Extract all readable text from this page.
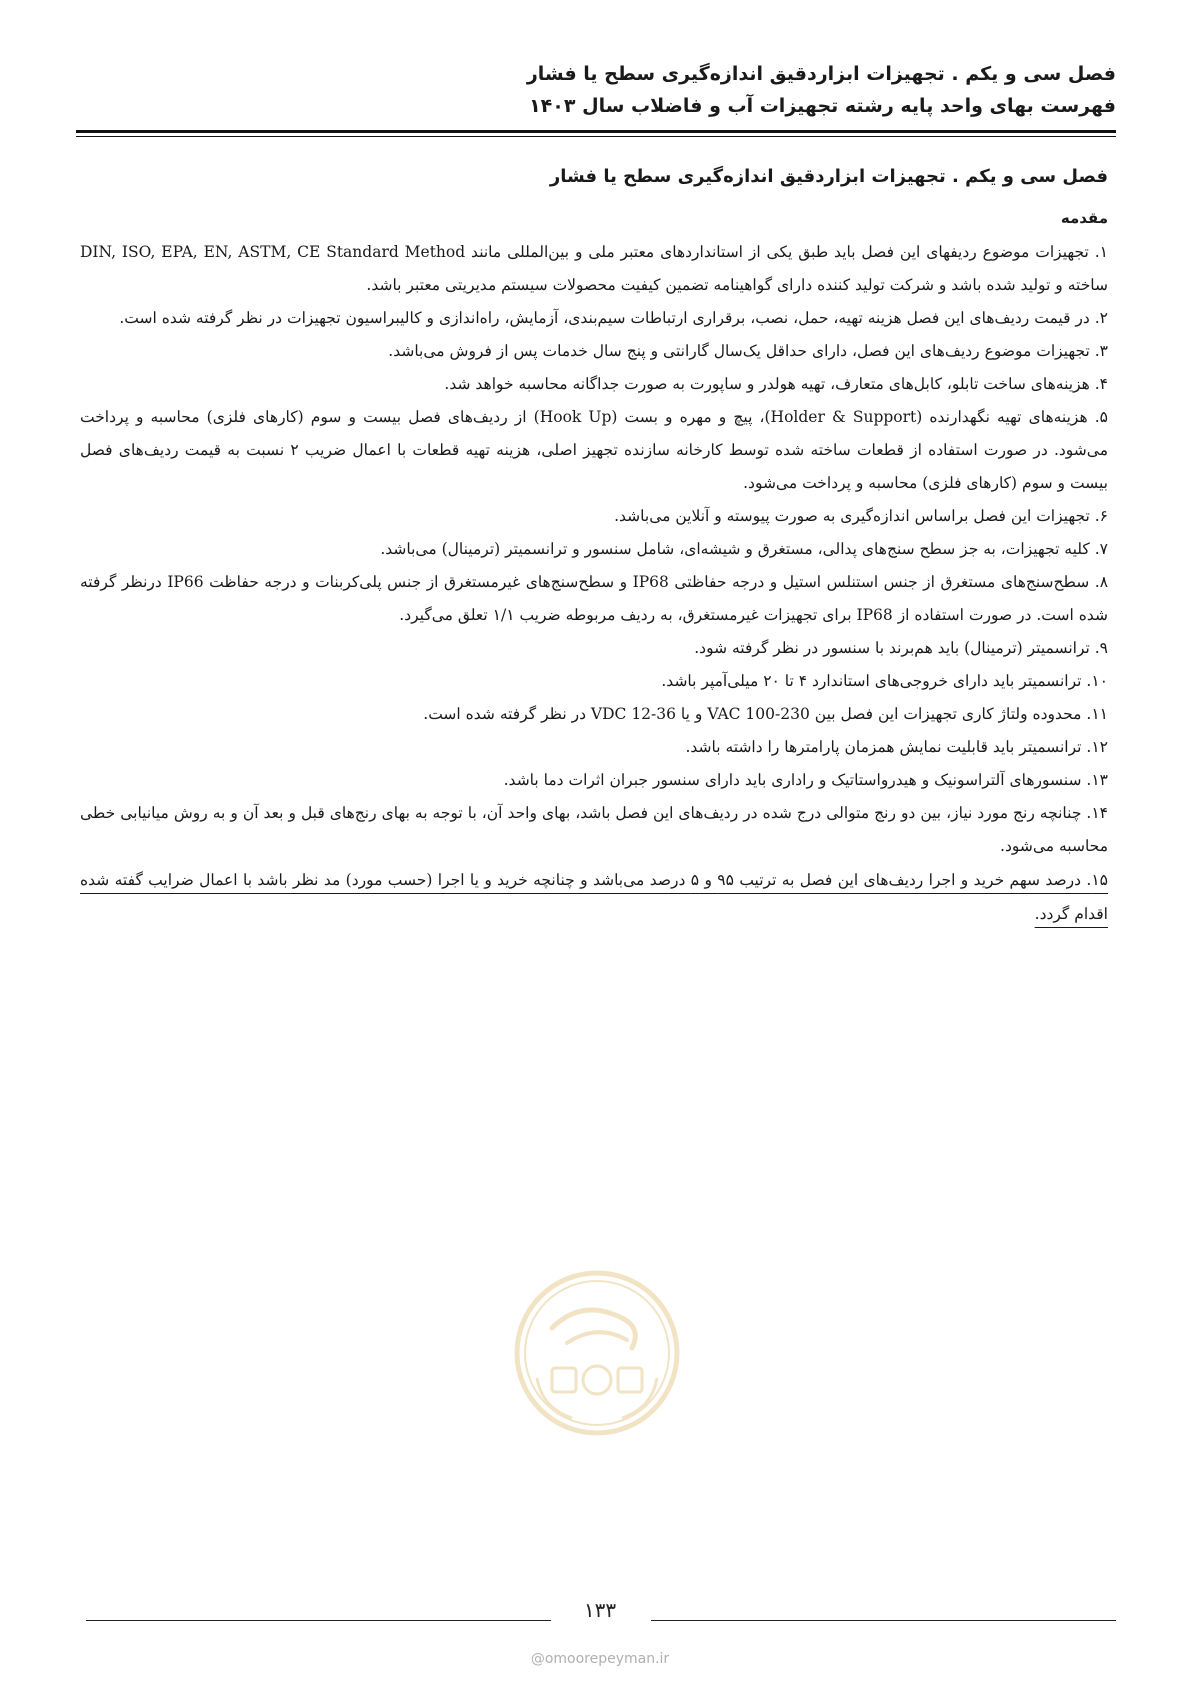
فصل سی و یکم . تجهیزات ابزاردقیق اندازه‌گیری سطح یا فشار

فهرست بهای واحد پایه رشته تجهیزات آب و فاضلاب سال ۱۴۰۳

فصل سی و یکم . تجهیزات ابزاردقیق اندازه‌گیری سطح یا فشار

مقدمه

۱. تجهیزات موضوع ردیفهای این فصل باید طبق یکی از استانداردهای معتبر ملی و بین‌المللی مانند DIN, ISO, EPA, EN, ASTM, CE Standard Method ساخته و تولید شده باشد و شرکت تولید کننده دارای گواهینامه تضمین کیفیت محصولات سیستم مدیریتی معتبر باشد.

۲. در قیمت ردیف‌های این فصل هزینه تهیه، حمل، نصب، برقراری ارتباطات سیم‌بندی، آزمایش، راه‌اندازی و کالیبراسیون تجهیزات در نظر گرفته شده است.

۳. تجهیزات موضوع ردیف‌های این فصل، دارای حداقل یک‌سال گارانتی و پنج سال خدمات پس از فروش می‌باشد.

۴. هزینه‌های ساخت تابلو، کابل‌های متعارف، تهیه هولدر و ساپورت به صورت جداگانه محاسبه خواهد شد.

۵. هزینه‌های تهیه نگهدارنده (Holder & Support)، پیچ و مهره و بست (Hook Up) از ردیف‌های فصل بیست و سوم (کارهای فلزی) محاسبه و پرداخت می‌شود. در صورت استفاده از قطعات ساخته شده توسط کارخانه سازنده تجهیز اصلی، هزینه تهیه قطعات با اعمال ضریب ۲ نسبت به قیمت ردیف‌های فصل بیست و سوم (کارهای فلزی) محاسبه و پرداخت می‌شود.

۶. تجهیزات این فصل براساس اندازه‌گیری به صورت پیوسته و آنلاین می‌باشد.

۷. کلیه تجهیزات، به جز سطح سنج‌های پدالی، مستغرق و شیشه‌ای، شامل سنسور و ترانسمیتر (ترمینال) می‌باشد.

۸. سطح‌سنج‌های مستغرق از جنس استنلس استیل و درجه حفاظتی IP68 و سطح‌سنج‌های غیرمستغرق از جنس پلی‌کربنات و درجه حفاظت IP66 درنظر گرفته شده است. در صورت استفاده از IP68 برای تجهیزات غیرمستغرق، به ردیف مربوطه ضریب ۱/۱ تعلق می‌گیرد.

۹. ترانسمیتر (ترمینال) باید هم‌برند با سنسور در نظر گرفته شود.

۱۰. ترانسمیتر باید دارای خروجی‌های استاندارد ۴ تا ۲۰ میلی‌آمپر باشد.

۱۱. محدوده ولتاژ کاری تجهیزات این فصل بین VAC 100-230 و یا VDC 12-36 در نظر گرفته شده است.

۱۲. ترانسمیتر باید قابلیت نمایش همزمان پارامترها را داشته باشد.

۱۳. سنسورهای آلتراسونیک و هیدرواستاتیک و راداری باید دارای سنسور جبران اثرات دما باشد.

۱۴. چنانچه رنج مورد نیاز، بین دو رنج متوالی درج شده در ردیف‌های این فصل باشد، بهای واحد آن، با توجه به بهای رنج‌های قبل و بعد آن و به روش میانیابی خطی محاسبه می‌شود.

۱۵. درصد سهم خرید و اجرا ردیف‌های این فصل به ترتیب ۹۵ و ۵ درصد می‌باشد و چنانچه خرید و یا اجرا (حسب مورد) مد نظر باشد با اعمال ضرایب گفته شده اقدام گردد.

۱۳۳
@omoorepeyman.ir
